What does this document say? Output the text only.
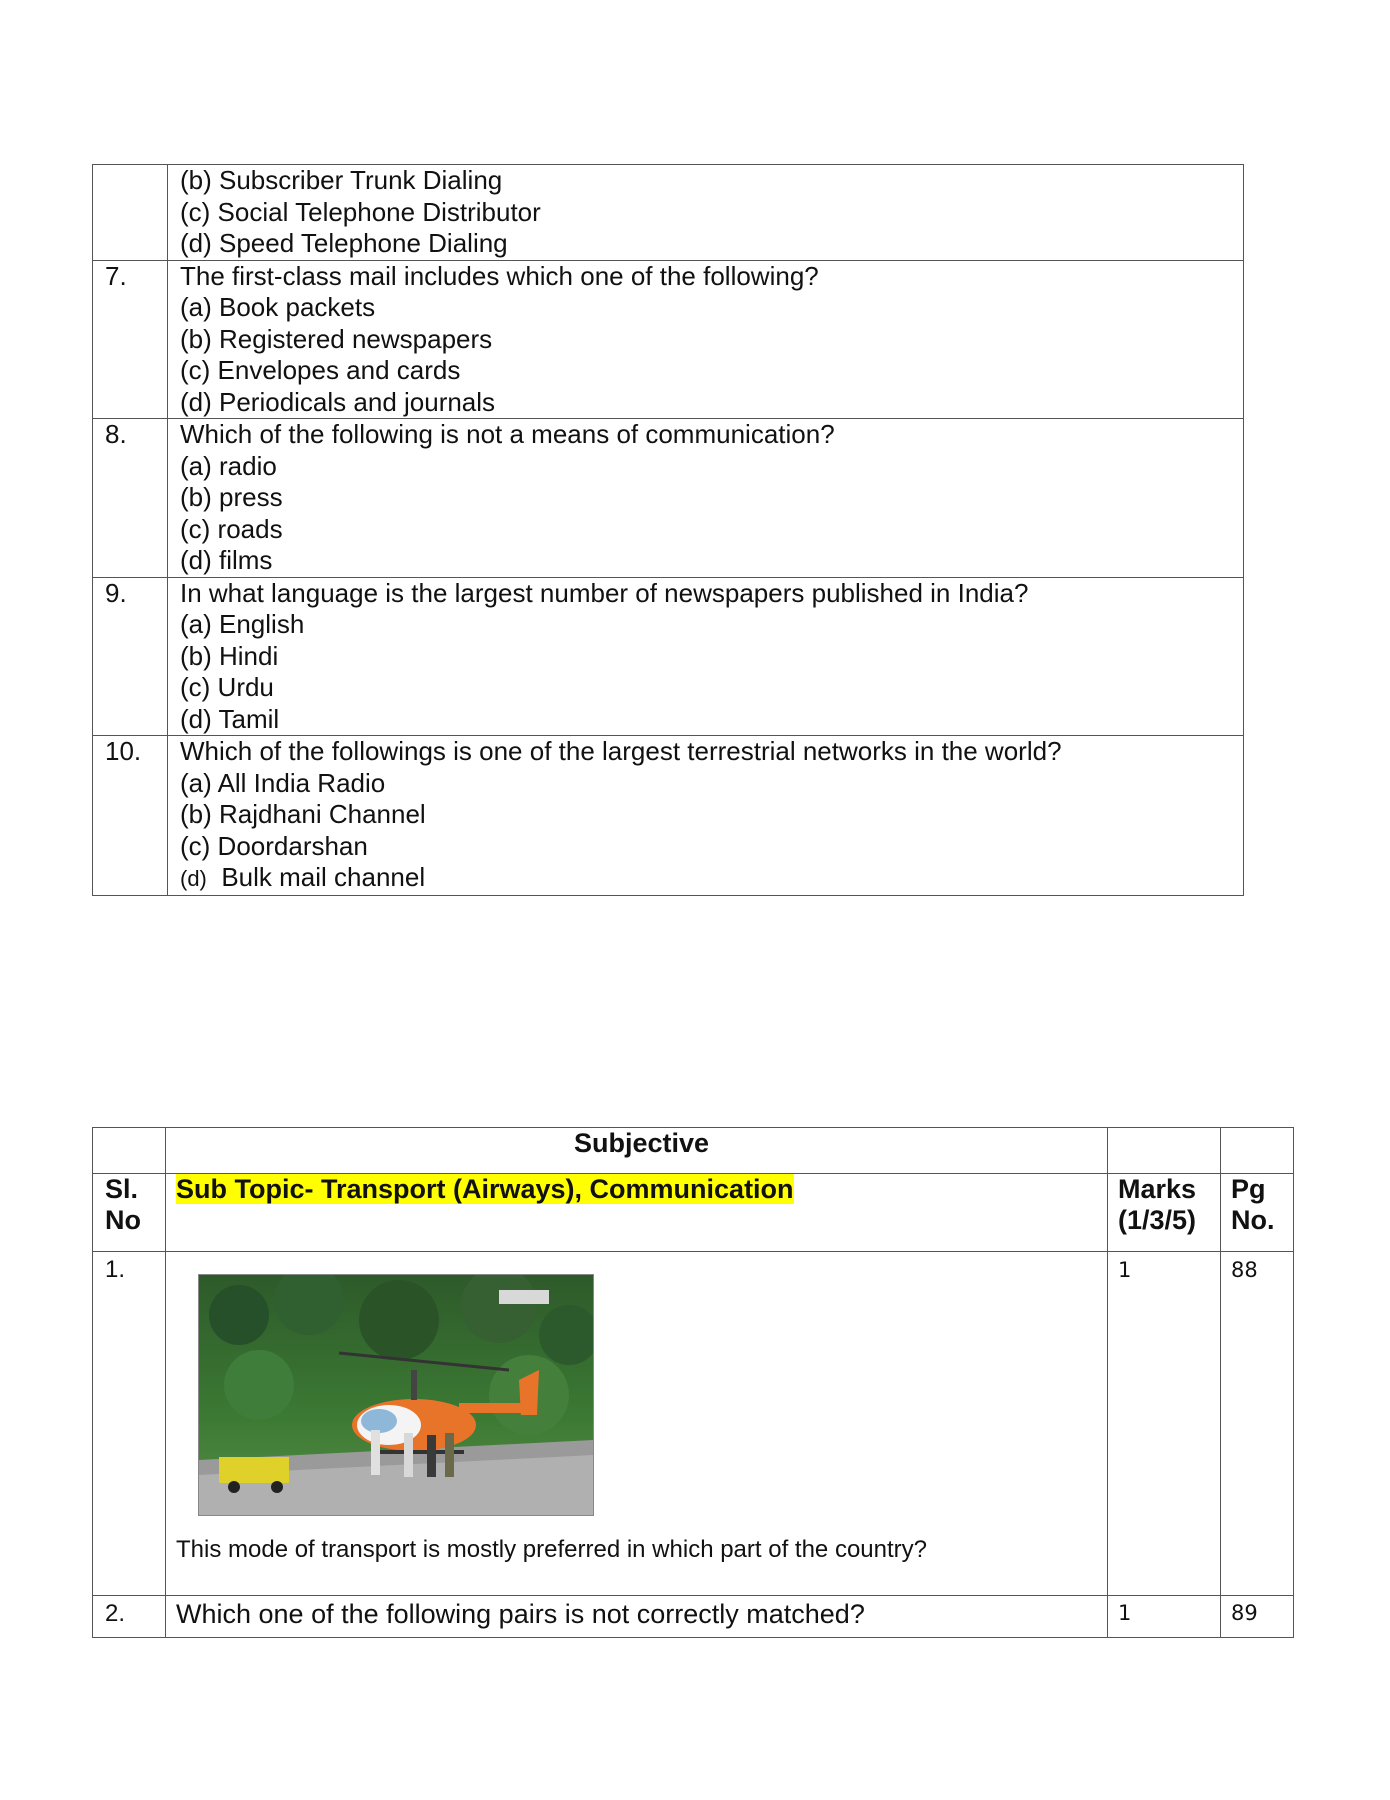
	(b) Subscriber Trunk Dialing
(c) Social Telephone Distributor
(d) Speed Telephone Dialing

7.	The first-class mail includes which one of the following?
(a) Book packets
(b) Registered newspapers
(c) Envelopes and cards
(d) Periodicals and journals

8.	Which of the following is not a means of communication?
(a) radio
(b) press
(c) roads
(d) films

9.	In what language is the largest number of newspapers published in India?
(a) English
(b) Hindi
(c) Urdu
(d) Tamil

10.	Which of the followings is one of the largest terrestrial networks in the world?
(a) All India Radio
(b) Rajdhani Channel
(c) Doordarshan
(d) Bulk mail channel
	Subjective		
Sl. No	Sub Topic- Transport (Airways), Communication	Marks (1/3/5)	Pg No.
1.	This mode of transport is mostly preferred in which part of the country?	1	88
2.	Which one of the following pairs is not correctly matched?	1	89
